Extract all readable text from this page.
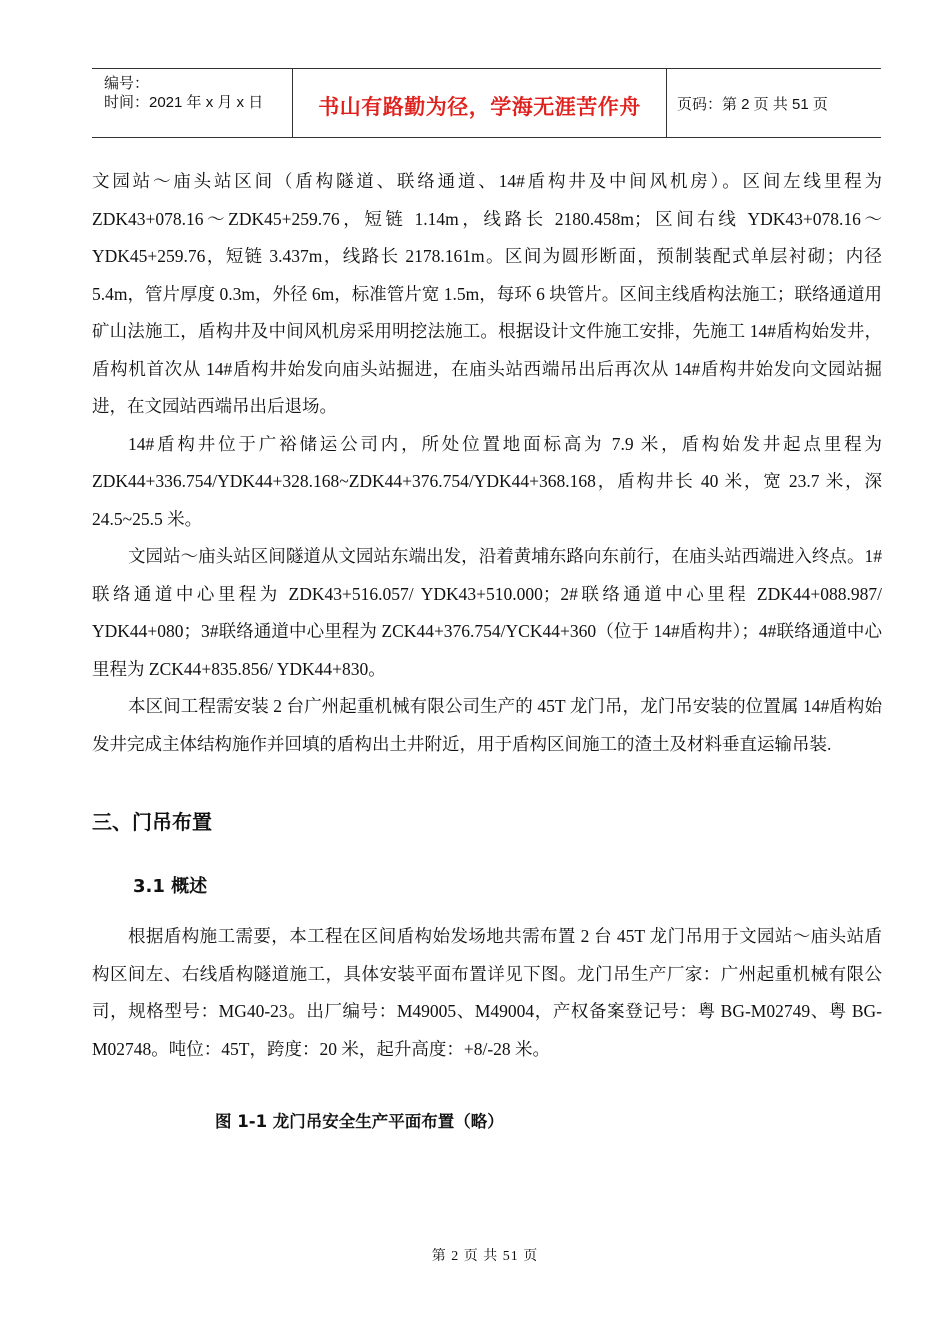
编号：
时间：2021 年 x 月 x 日	书山有路勤为径，学海无涯苦作舟	页码：第 2 页 共 51 页

文园站～庙头站区间（盾构隧道、联络通道、14#盾构井及中间风机房）。区间左线里程为 ZDK43+078.16～ZDK45+259.76，短链 1.14m，线路长 2180.458m；区间右线 YDK43+078.16～YDK45+259.76，短链 3.437m，线路长 2178.161m。区间为圆形断面，预制装配式单层衬砌；内径 5.4m，管片厚度 0.3m，外径 6m，标准管片宽 1.5m，每环 6 块管片。区间主线盾构法施工；联络通道用矿山法施工，盾构井及中间风机房采用明挖法施工。根据设计文件施工安排，先施工 14#盾构始发井，盾构机首次从 14#盾构井始发向庙头站掘进，在庙头站西端吊出后再次从 14#盾构井始发向文园站掘进，在文园站西端吊出后退场。

14#盾构井位于广裕储运公司内，所处位置地面标高为 7.9 米，盾构始发井起点里程为 ZDK44+336.754/YDK44+328.168~ZDK44+376.754/YDK44+368.168，盾构井长 40 米，宽 23.7 米，深 24.5~25.5 米。

文园站～庙头站区间隧道从文园站东端出发，沿着黄埔东路向东前行，在庙头站西端进入终点。1#联络通道中心里程为 ZDK43+516.057/ YDK43+510.000；2#联络通道中心里程 ZDK44+088.987/ YDK44+080；3#联络通道中心里程为 ZCK44+376.754/YCK44+360（位于 14#盾构井）；4#联络通道中心里程为 ZCK44+835.856/ YDK44+830。

本区间工程需安装 2 台广州起重机械有限公司生产的 45T 龙门吊，龙门吊安装的位置属 14#盾构始发井完成主体结构施作并回填的盾构出土井附近，用于盾构区间施工的渣土及材料垂直运输吊装.

三、门吊布置
3.1 概述

根据盾构施工需要，本工程在区间盾构始发场地共需布置 2 台 45T 龙门吊用于文园站～庙头站盾构区间左、右线盾构隧道施工，具体安装平面布置详见下图。龙门吊生产厂家：广州起重机械有限公司，规格型号：MG40-23。出厂编号：M49005、M49004，产权备案登记号：粤 BG-M02749、粤 BG-M02748。吨位：45T，跨度：20 米，起升高度：+8/-28 米。

图 1-1 龙门吊安全生产平面布置（略）
第 2 页 共 51 页
